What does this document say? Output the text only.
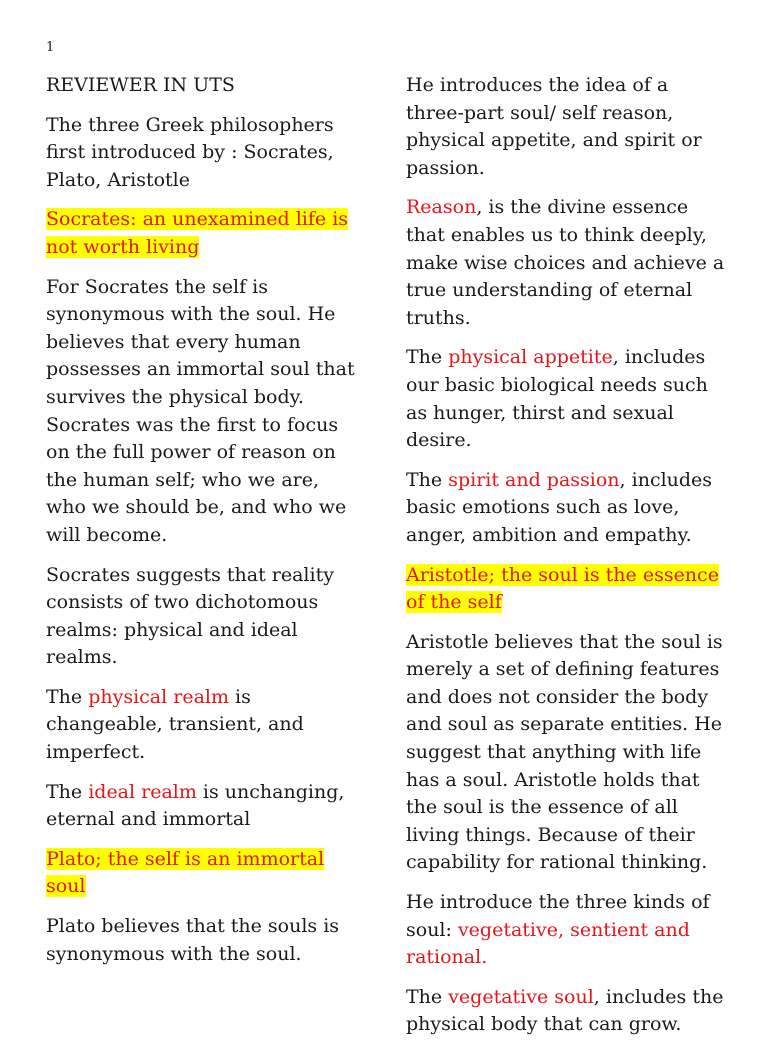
1

REVIEWER IN UTS

The three Greek philosophers first introduced by : Socrates, Plato, Aristotle

Socrates: an unexamined life is not worth living

For Socrates the self is synonymous with the soul. He believes that every human possesses an immortal soul that survives the physical body. Socrates was the first to focus on the full power of reason on the human self; who we are, who we should be, and who we will become.

Socrates suggests that reality consists of two dichotomous realms: physical and ideal realms.

The physical realm is changeable, transient, and imperfect.

The ideal realm is unchanging, eternal and immortal

Plato; the self is an immortal soul

Plato believes that the souls is synonymous with the soul.

He introduces the idea of a three-part soul/ self reason, physical appetite, and spirit or passion.

Reason, is the divine essence that enables us to think deeply, make wise choices and achieve a true understanding of eternal truths.

The physical appetite, includes our basic biological needs such as hunger, thirst and sexual desire.

The spirit and passion, includes basic emotions such as love, anger, ambition and empathy.

Aristotle; the soul is the essence of the self

Aristotle believes that the soul is merely a set of defining features and does not consider the body and soul as separate entities. He suggest that anything with life has a soul. Aristotle holds that the soul is the essence of all living things. Because of their capability for rational thinking.

He introduce the three kinds of soul: vegetative, sentient and rational.

The vegetative soul, includes the physical body that can grow.
